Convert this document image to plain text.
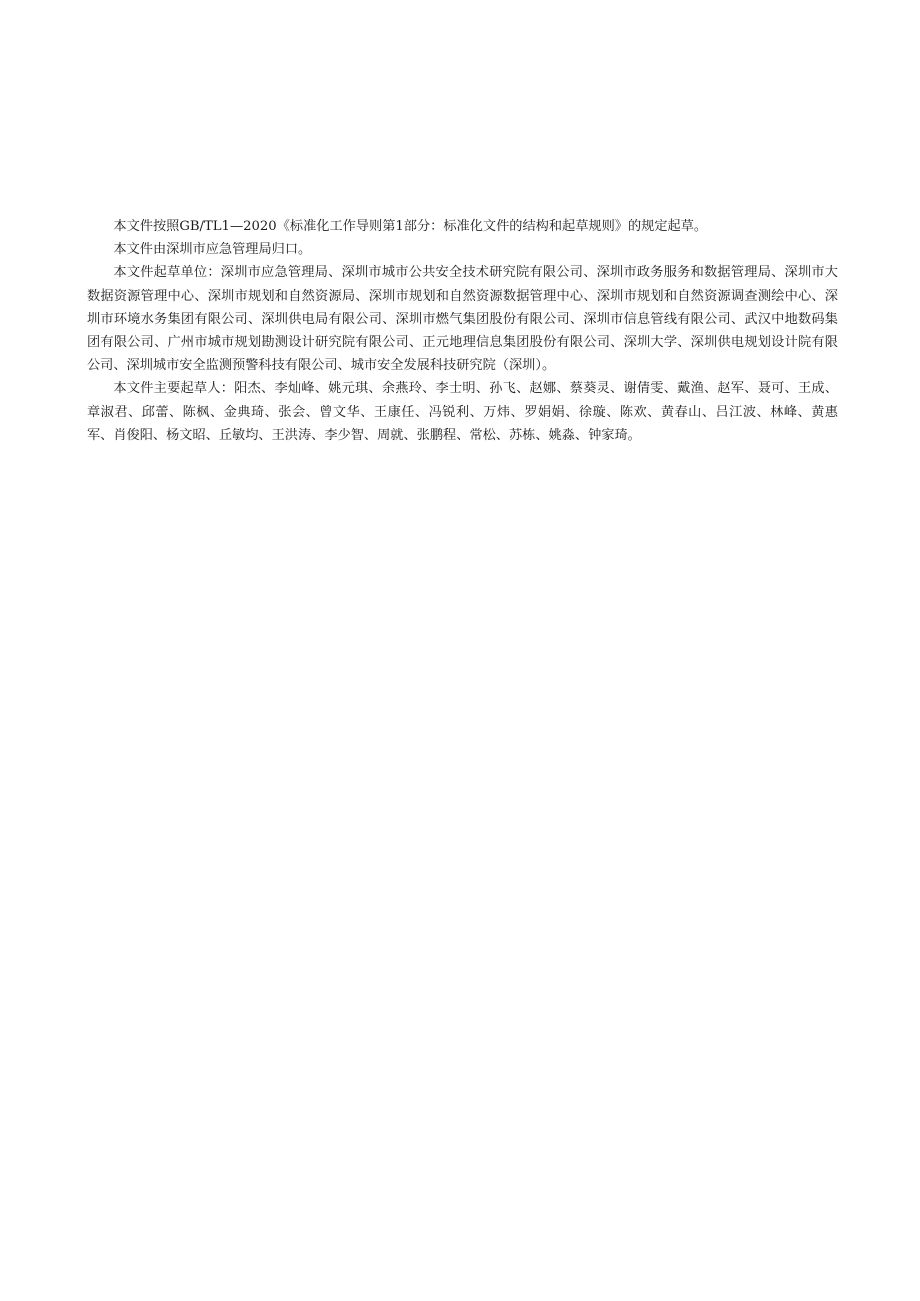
本文件按照GB/TL1—2020《标准化工作导则第1部分：标准化文件的结构和起草规则》的规定起草。

本文件由深圳市应急管理局归口。

本文件起草单位：深圳市应急管理局、深圳市城市公共安全技术研究院有限公司、深圳市政务服务和数据管理局、深圳市大数据资源管理中心、深圳市规划和自然资源局、深圳市规划和自然资源数据管理中心、深圳市规划和自然资源调查测绘中心、深圳市环境水务集团有限公司、深圳供电局有限公司、深圳市燃气集团股份有限公司、深圳市信息管线有限公司、武汉中地数码集团有限公司、广州市城市规划勘测设计研究院有限公司、正元地理信息集团股份有限公司、深圳大学、深圳供电规划设计院有限公司、深圳城市安全监测预警科技有限公司、城市安全发展科技研究院（深圳）。

本文件主要起草人：阳杰、李灿峰、姚元琪、余燕玲、李士明、孙飞、赵娜、蔡葵灵、谢倩雯、戴渔、赵军、聂可、王成、章淑君、邱蕾、陈枫、金典琦、张会、曾文华、王康任、冯锐利、万炜、罗娟娟、徐璇、陈欢、黄春山、吕江波、林峰、黄惠军、肖俊阳、杨文昭、丘敏均、王洪涛、李少智、周就、张鹏程、常松、苏栋、姚淼、钟家琦。
